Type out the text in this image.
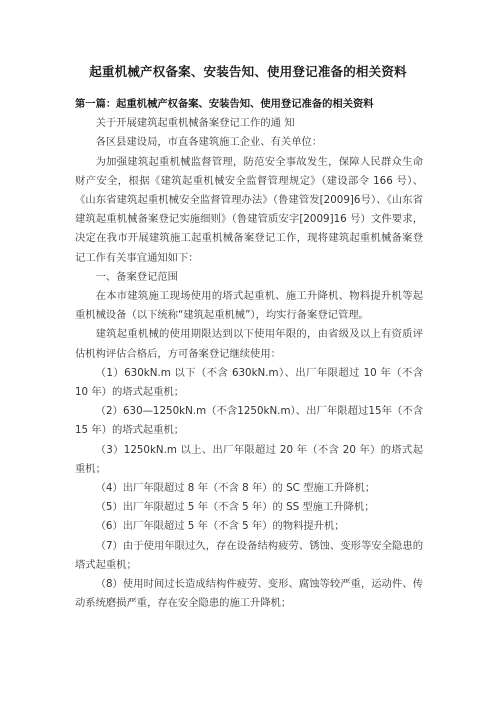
起重机械产权备案、安装告知、使用登记准备的相关资料

第一篇：起重机械产权备案、安装告知、使用登记准备的相关资料

关于开展建筑起重机械备案登记工作的通 知

各区县建设局，市直各建筑施工企业、有关单位：

为加强建筑起重机械监督管理，防范安全事故发生，保障人民群众生命财产安全，根据《建筑起重机械安全监督管理规定》（建设部令 166 号）、《山东省建筑起重机械安全监督管理办法》（鲁建管发[2009]6号）、《山东省建筑起重机械备案登记实施细则》（鲁建管质安字[2009]16 号）文件要求，决定在我市开展建筑施工起重机械备案登记工作，现将建筑起重机械备案登记工作有关事宜通知如下：

一、备案登记范围

在本市建筑施工现场使用的塔式起重机、施工升降机、物料提升机等起重机械设备（以下统称“建筑起重机械”），均实行备案登记管理。

建筑起重机械的使用期限达到以下使用年限的，由省级及以上有资质评估机构评估合格后，方可备案登记继续使用：

（1）630kN.m 以下（不含 630kN.m）、出厂年限超过 10 年（不含 10 年）的塔式起重机；

（2）630—1250kN.m（不含1250kN.m）、出厂年限超过15年（不含 15 年）的塔式起重机；

（3）1250kN.m 以上、出厂年限超过 20 年（不含 20 年）的塔式起重机；

（4）出厂年限超过 8 年（不含 8 年）的 SC 型施工升降机；

（5）出厂年限超过 5 年（不含 5 年）的 SS 型施工升降机；

（6）出厂年限超过 5 年（不含 5 年）的物料提升机；

（7）由于使用年限过久，存在设备结构疲劳、锈蚀、变形等安全隐患的塔式起重机；

（8）使用时间过长造成结构件疲劳、变形、腐蚀等较严重，运动件、传动系统磨损严重，存在安全隐患的施工升降机；
